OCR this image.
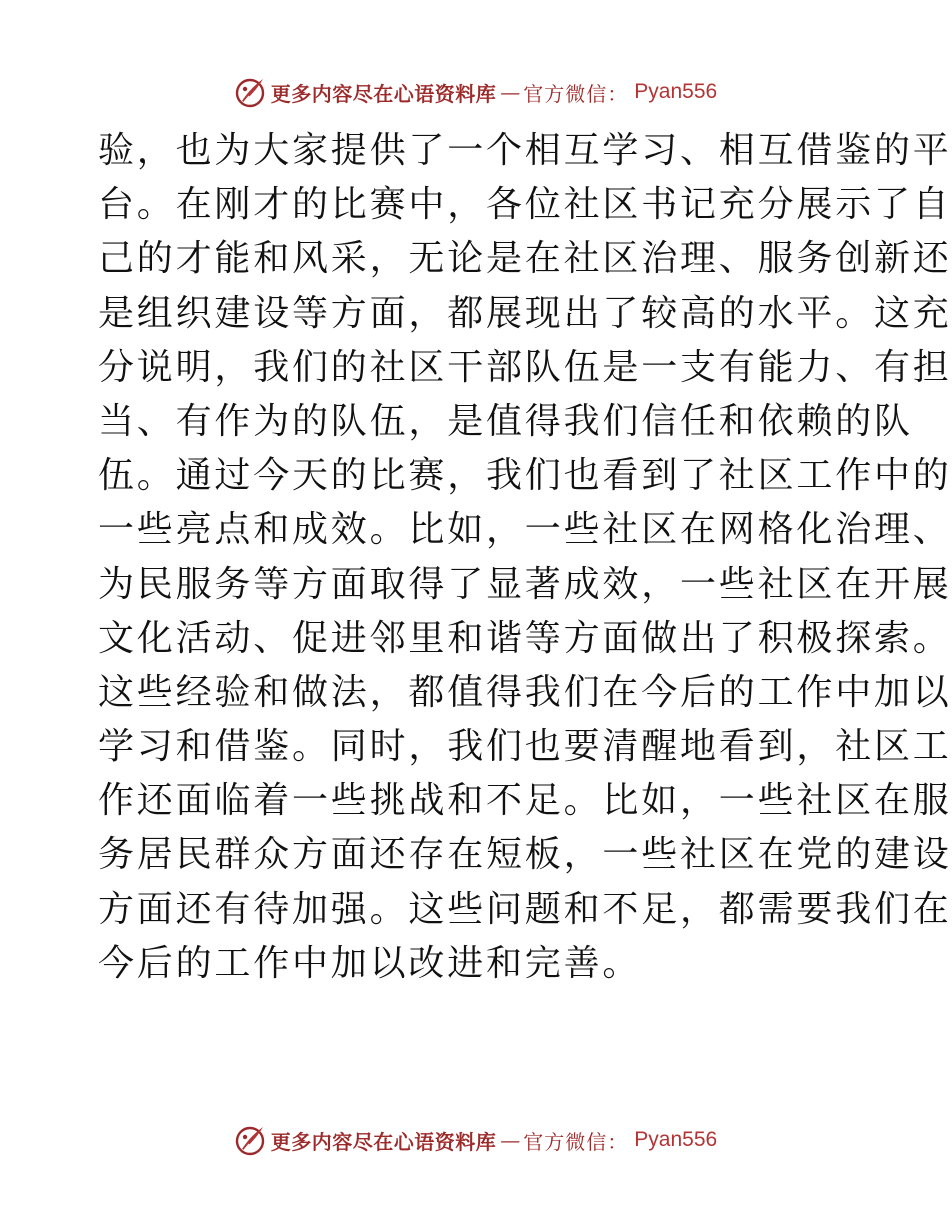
更多内容尽在心语资料库 — 官方微信： Pyan556
验，也为大家提供了一个相互学习、相互借鉴的平
台。在刚才的比赛中，各位社区书记充分展示了自
己的才能和风采，无论是在社区治理、服务创新还
是组织建设等方面，都展现出了较高的水平。这充
分说明，我们的社区干部队伍是一支有能力、有担
当、有作为的队伍，是值得我们信任和依赖的队
伍。通过今天的比赛，我们也看到了社区工作中的
一些亮点和成效。比如，一些社区在网格化治理、
为民服务等方面取得了显著成效，一些社区在开展
文化活动、促进邻里和谐等方面做出了积极探索。
这些经验和做法，都值得我们在今后的工作中加以
学习和借鉴。同时，我们也要清醒地看到，社区工
作还面临着一些挑战和不足。比如，一些社区在服
务居民群众方面还存在短板，一些社区在党的建设
方面还有待加强。这些问题和不足，都需要我们在
今后的工作中加以改进和完善。
更多内容尽在心语资料库 — 官方微信： Pyan556
